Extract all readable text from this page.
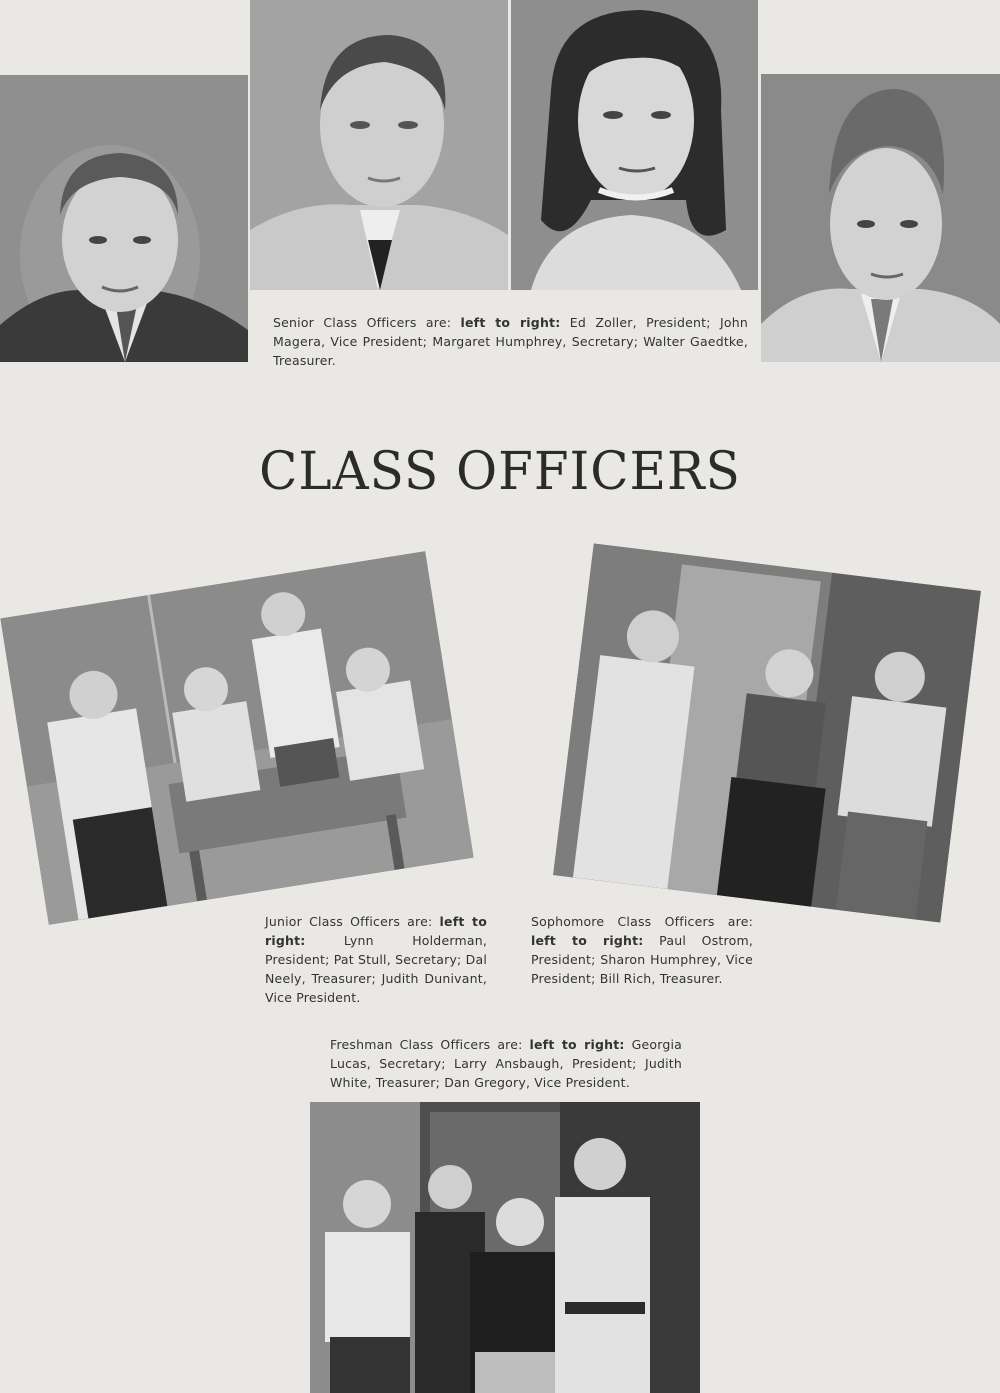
Senior Class Officers are: left to right: Ed Zoller, President; John Magera, Vice President; Margaret Humphrey, Secretary; Walter Gaedtke, Treasurer.
CLASS OFFICERS
Junior Class Officers are: left to right: Lynn Holderman, President; Pat Stull, Secretary; Dal Neely, Treasurer; Judith Dunivant, Vice President.
Sophomore Class Officers are: left to right: Paul Ostrom, President; Sharon Humphrey, Vice President; Bill Rich, Treasurer.
Freshman Class Officers are: left to right: Georgia Lucas, Secretary; Larry Ansbaugh, President; Judith White, Treasurer; Dan Gregory, Vice President.
